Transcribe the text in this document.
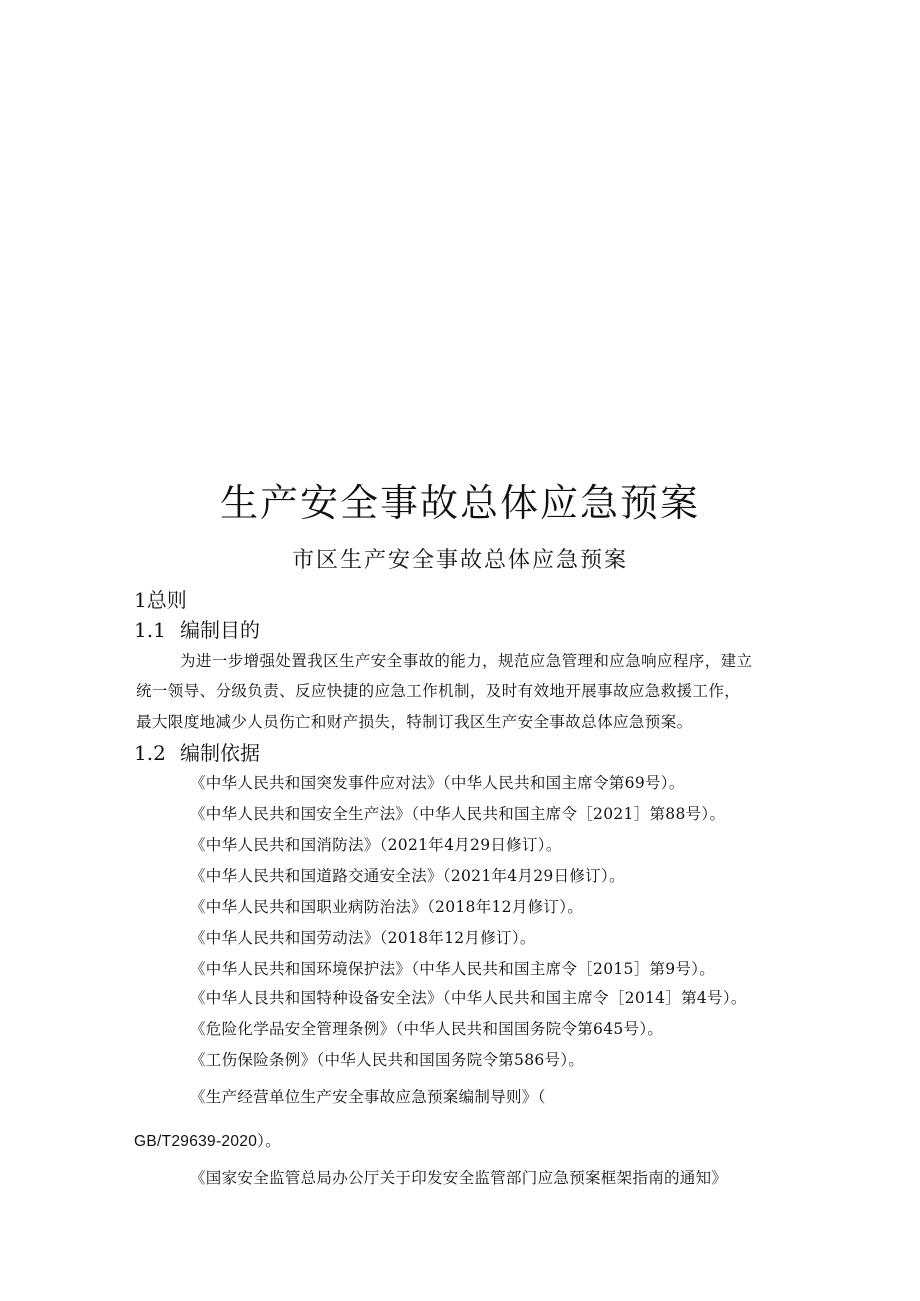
生产安全事故总体应急预案
市区生产安全事故总体应急预案
1总则
1.1 编制目的
为进一步增强处置我区生产安全事故的能力，规范应急管理和应急响应程序，建立
统一领导、分级负责、反应快捷的应急工作机制，及时有效地开展事故应急救援工作，
最大限度地减少人员伤亡和财产损失，特制订我区生产安全事故总体应急预案。
1.2 编制依据
《中华人民共和国突发事件应对法》（中华人民共和国主席令第69号）。
《中华人民共和国安全生产法》（中华人民共和国主席令［2021］第88号）。
《中华人民共和国消防法》（2021年4月29日修订）。
《中华人民共和国道路交通安全法》（2021年4月29日修订）。
《中华人民共和国职业病防治法》（2018年12月修订）。
《中华人民共和国劳动法》（2018年12月修订）。
《中华人民共和国环境保护法》（中华人民共和国主席令［2015］第9号）。
《中华人艮共和国特种设备安全法》（中华人民共和国主席令［2014］第4号）。
《危险化学品安全管理条例》（中华人民共和国国务院令第645号）。
《工伤保险条例》（中华人民共和国国务院令第586号）。
《生产经营单位生产安全事故应急预案编制导则》（
GB/T29639-2020）。
《国家安全监管总局办公厅关于印发安全监管部门应急预案框架指南的通知》
